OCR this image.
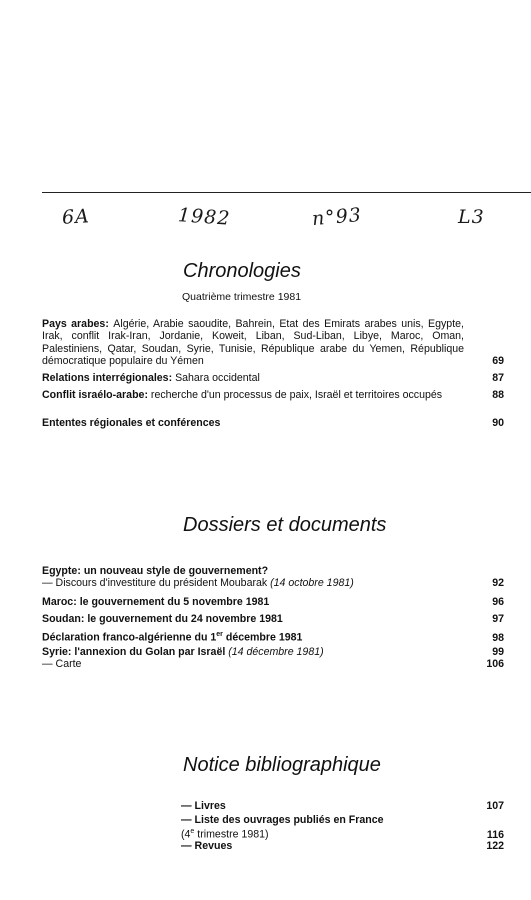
6A	1982	n°93	L3
Chronologies
Quatrième trimestre 1981
Pays arabes: Algérie, Arabie saoudite, Bahrein, Etat des Emirats arabes unis, Egypte, Irak, conflit Irak-Iran, Jordanie, Koweit, Liban, Sud-Liban, Libye, Maroc, Oman, Palestiniens, Qatar, Soudan, Syrie, Tunisie, République arabe du Yemen, République démocratique populaire du Yémen	69
Relations interrégionales: Sahara occidental	87
Conflit israélo-arabe: recherche d'un processus de paix, Israël et territoires occupés	88
Ententes régionales et conférences	90
Dossiers et documents
Egypte: un nouveau style de gouvernement?
— Discours d'investiture du président Moubarak (14 octobre 1981)	92
Maroc: le gouvernement du 5 novembre 1981	96
Soudan: le gouvernement du 24 novembre 1981	97
Déclaration franco-algérienne du 1er décembre 1981	98
Syrie: l'annexion du Golan par Israël (14 décembre 1981)	99
— Carte	106
Notice bibliographique
— Livres	107
— Liste des ouvrages publiés en France
(4e trimestre 1981)	116
— Revues	122
